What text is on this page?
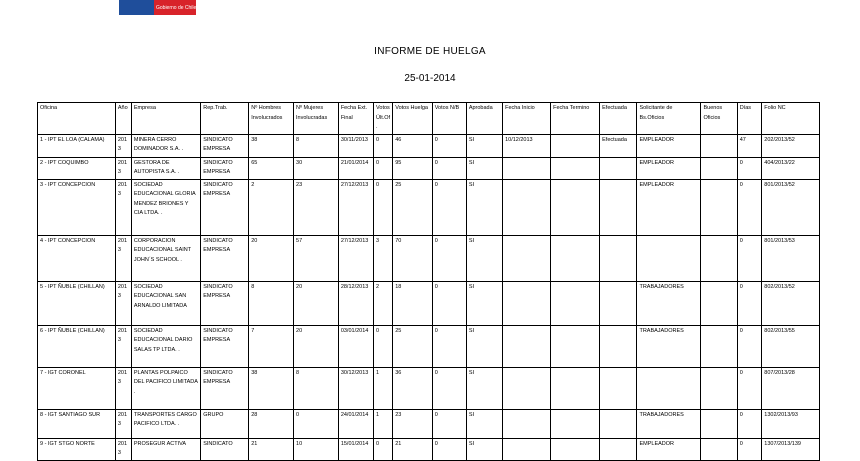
Gobierno de Chile
INFORME DE HUELGA
25-01-2014
Oficina	Año	Empresa	Rep.Trab.	Nº Hombres Involucrados	Nº Mujeres Involucradas	Fecha Ext. Final	Votos Últ.Of.	Votos Huelga	Votos N/B	Aprobada	Fecha Inicio	Fecha Termino	Efectuada	Solicitante de Bs.Oficios	Buenos Oficios	Días	Folio NC
1 - IPT EL LOA (CALAMA)	2013	MINERA CERRO DOMINADOR S.A. .	SINDICATO EMPRESA	38	8	30/11/2013	0	46	0	SI	10/12/2013		Efectuada	EMPLEADOR		47	202/2013/52
2 - IPT COQUIMBO	2013	GESTORA DE AUTOPISTA S.A. .	SINDICATO EMPRESA	65	30	21/01/2014	0	95	0	SI				EMPLEADOR		0	404/2013/22
3 - IPT CONCEPCION	2013	SOCIEDAD EDUCACIONAL GLORIA MENDEZ BRIONES Y CIA LTDA. .	SINDICATO EMPRESA	2	23	27/12/2013	0	25	0	SI				EMPLEADOR		0	801/2013/52
4 - IPT CONCEPCION	2013	CORPORACION EDUCACIONAL SAINT JOHN´S SCHOOL .	SINDICATO EMPRESA	20	57	27/12/2013	3	70	0	SI						0	801/2013/53
5 - IPT ÑUBLE (CHILLAN)	2013	SOCIEDAD EDUCACIONAL SAN ARNALDO LIMITADA	SINDICATO EMPRESA	8	20	28/12/2013	2	18	0	SI				TRABAJADORES		0	802/2013/52
6 - IPT ÑUBLE (CHILLAN)	2013	SOCIEDAD EDUCACIONAL DARIO SALAS TP LTDA. .	SINDICATO EMPRESA	7	20	03/01/2014	0	25	0	SI				TRABAJADORES		0	802/2013/55
7 - IGT CORONEL	2013	PLANTAS POLPAICO DEL PACIFICO LIMITADA .	SINDICATO EMPRESA	38	8	30/12/2013	1	36	0	SI						0	807/2013/28
8 - IGT SANTIAGO SUR	2013	TRANSPORTES CARGO PACIFICO LTDA. .	GRUPO	28	0	24/01/2014	1	23	0	SI				TRABAJADORES		0	1302/2013/93
9 - IGT STGO NORTE	2013	PROSEGUR ACTIVA	SINDICATO	21	10	15/01/2014	0	21	0	SI				EMPLEADOR		0	1307/2013/139
